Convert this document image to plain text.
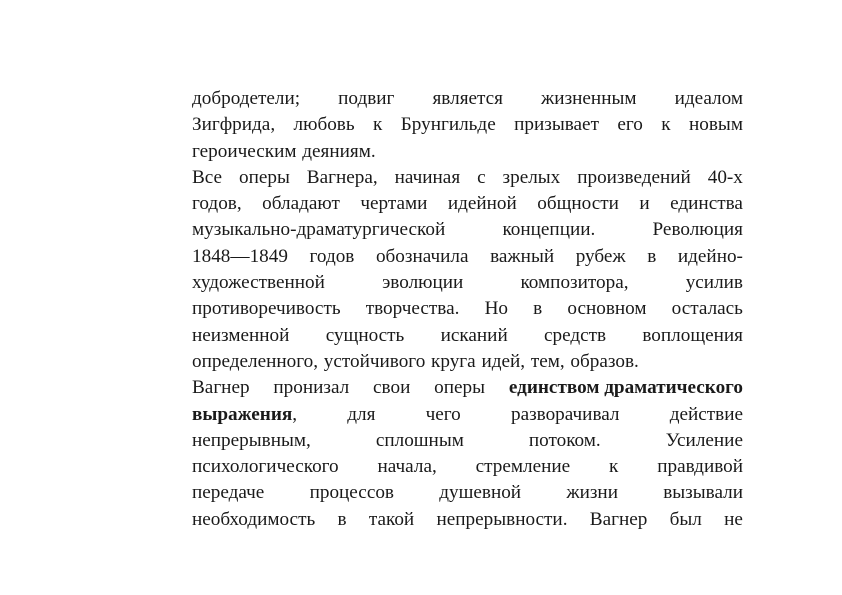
добродетели; подвиг является жизненным идеалом
Зигфрида, любовь к Брунгильде призывает его к новым
героическим деяниям.
Все оперы Вагнера, начиная с зрелых произведений 40-х
годов, обладают чертами идейной общности и единства
музыкально-драматургической	концепции.	Революция
1848—1849 годов обозначила важный рубеж в идейно-
художественной	эволюции	композитора,	усилив
противоречивость творчества. Но в основном осталась
неизменной сущность исканий средств воплощения
определенного, устойчивого круга идей, тем, образов.
Вагнер пронизал свои оперы единством драматического
выражения,	для	чего	разворачивал	действие
непрерывным,	сплошным	потоком.	Усиление
психологического начала, стремление к правдивой
передаче процессов душевной жизни вызывали
необходимость в такой непрерывности. Вагнер был не
